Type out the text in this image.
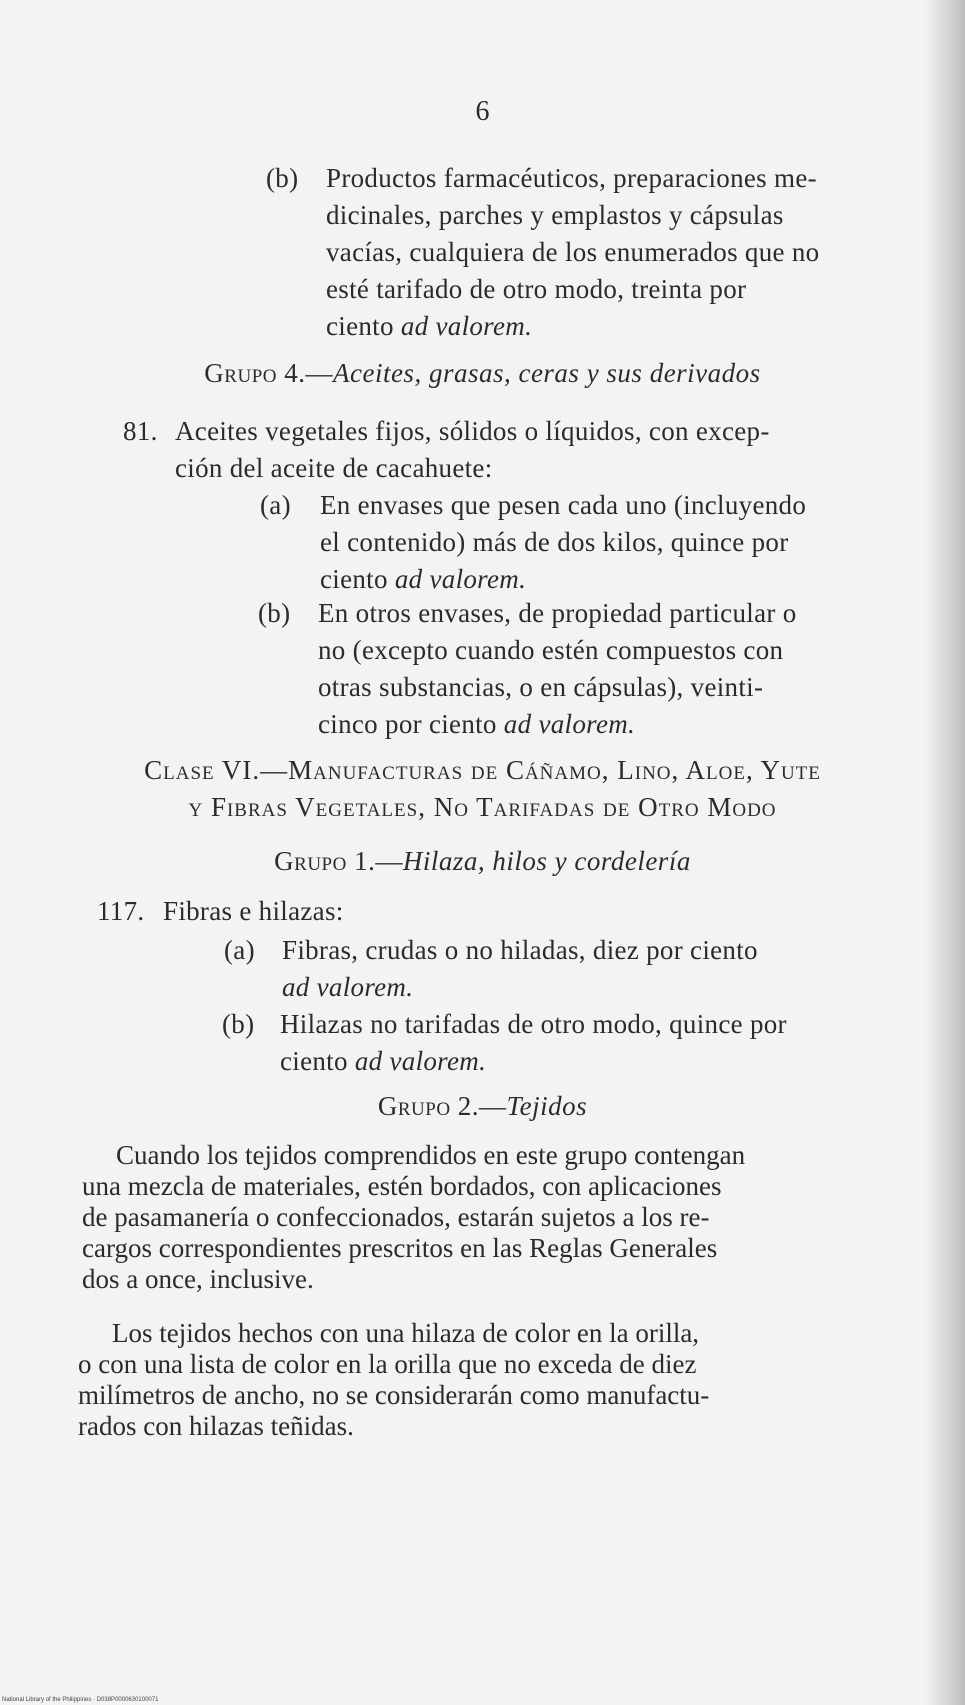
6
(b) Productos farmacéuticos, preparaciones me-
dicinales, parches y emplastos y cápsulas
vacías, cualquiera de los enumerados que no
esté tarifado de otro modo, treinta por
ciento ad valorem.
Grupo 4.—Aceites, grasas, ceras y sus derivados
81. Aceites vegetales fijos, sólidos o líquidos, con excep-
ción del aceite de cacahuete:
(a) En envases que pesen cada uno (incluyendo
el contenido) más de dos kilos, quince por
ciento ad valorem.
(b) En otros envases, de propiedad particular o
no (excepto cuando estén compuestos con
otras substancias, o en cápsulas), veinti-
cinco por ciento ad valorem.
Clase VI.—Manufacturas de Cáñamo, Lino, Aloe, Yute
y Fibras Vegetales, No Tarifadas de Otro Modo
Grupo 1.—Hilaza, hilos y cordelería
117. Fibras e hilazas:
(a) Fibras, crudas o no hiladas, diez por ciento
ad valorem.
(b) Hilazas no tarifadas de otro modo, quince por
ciento ad valorem.
Grupo 2.—Tejidos
Cuando los tejidos comprendidos en este grupo contengan
una mezcla de materiales, estén bordados, con aplicaciones
de pasamanería o confeccionados, estarán sujetos a los re-
cargos correspondientes prescritos en las Reglas Generales
dos a once, inclusive.
Los tejidos hechos con una hilaza de color en la orilla,
o con una lista de color en la orilla que no exceda de diez
milímetros de ancho, no se considerarán como manufactu-
rados con hilazas teñidas.
National Library of the Philippines · D038P0000630100071
